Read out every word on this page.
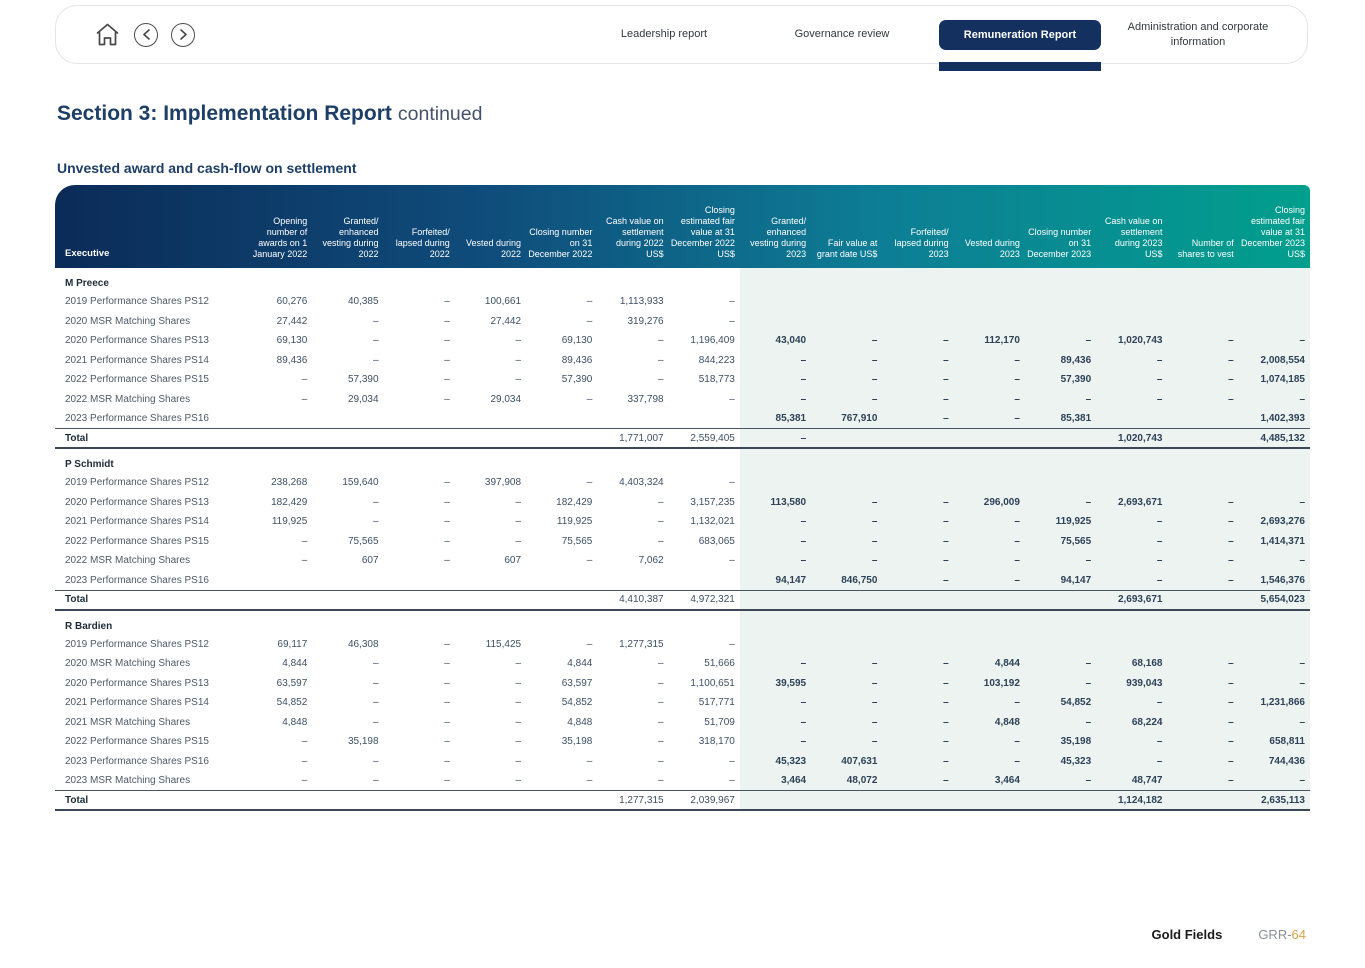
Leadership report	Governance review	Remuneration Report
Administration and corporate information
Section 3: Implementation Report continued
Unvested award and cash-flow on settlement
Executive	Opening number of awards on 1 January 2022	Granted/ enhanced vesting during 2022	Forfeited/ lapsed during 2022	Vested during 2022	Closing number on 31 December 2022	Cash value on settlement during 2022 US$	Closing estimated fair value at 31 December 2022 US$	Granted/ enhanced vesting during 2023	Fair value at grant date US$	Forfeited/ lapsed during 2023	Vested during 2023	Closing number on 31 December 2023	Cash value on settlement during 2023 US$	Number of shares to vest	Closing estimated fair value at 31 December 2023 US$
M Preece															
2019 Performance Shares PS12	60,276	40,385	–	100,661	–	1,113,933	–								
2020 MSR Matching Shares	27,442	–	–	27,442	–	319,276	–								
2020 Performance Shares PS13	69,130	–	–	–	69,130	–	1,196,409	43,040	–	–	112,170	–	1,020,743	–	–
2021 Performance Shares PS14	89,436	–	–	–	89,436	–	844,223	–	–	–	–	89,436	–	–	2,008,554
2022 Performance Shares PS15	–	57,390	–	–	57,390	–	518,773	–	–	–	–	57,390	–	–	1,074,185
2022 MSR Matching Shares	–	29,034	–	29,034	–	337,798	–	–	–	–	–	–	–	–	–
2023 Performance Shares PS16								85,381	767,910	–	–	85,381			1,402,393
Total						1,771,007	2,559,405	–					1,020,743		4,485,132
P Schmidt															
2019 Performance Shares PS12	238,268	159,640	–	397,908	–	4,403,324	–								
2020 Performance Shares PS13	182,429	–	–	–	182,429	–	3,157,235	113,580	–	–	296,009	–	2,693,671	–	–
2021 Performance Shares PS14	119,925	–	–	–	119,925	–	1,132,021	–	–	–	–	119,925	–	–	2,693,276
2022 Performance Shares PS15	–	75,565	–	–	75,565	–	683,065	–	–	–	–	75,565	–	–	1,414,371
2022 MSR Matching Shares	–	607	–	607	–	7,062	–	–	–	–	–	–	–	–	–
2023 Performance Shares PS16								94,147	846,750	–	–	94,147	–	–	1,546,376
Total						4,410,387	4,972,321						2,693,671		5,654,023
R Bardien															
2019 Performance Shares PS12	69,117	46,308	–	115,425	–	1,277,315	–								
2020 MSR Matching Shares	4,844	–	–	–	4,844	–	51,666	–	–	–	4,844	–	68,168	–	–
2020 Performance Shares PS13	63,597	–	–	–	63,597	–	1,100,651	39,595	–	–	103,192	–	939,043	–	–
2021 Performance Shares PS14	54,852	–	–	–	54,852	–	517,771	–	–	–	–	54,852	–	–	1,231,866
2021 MSR Matching Shares	4,848	–	–	–	4,848	–	51,709	–	–	–	4,848	–	68,224	–	–
2022 Performance Shares PS15	–	35,198	–	–	35,198	–	318,170	–	–	–	–	35,198	–	–	658,811
2023 Performance Shares PS16	–	–	–	–	–	–	–	45,323	407,631	–	–	45,323	–	–	744,436
2023 MSR Matching Shares	–	–	–	–	–	–	–	3,464	48,072	–	3,464	–	48,747	–	–
Total						1,277,315	2,039,967						1,124,182		2,635,113
Gold Fields	GRR-64
